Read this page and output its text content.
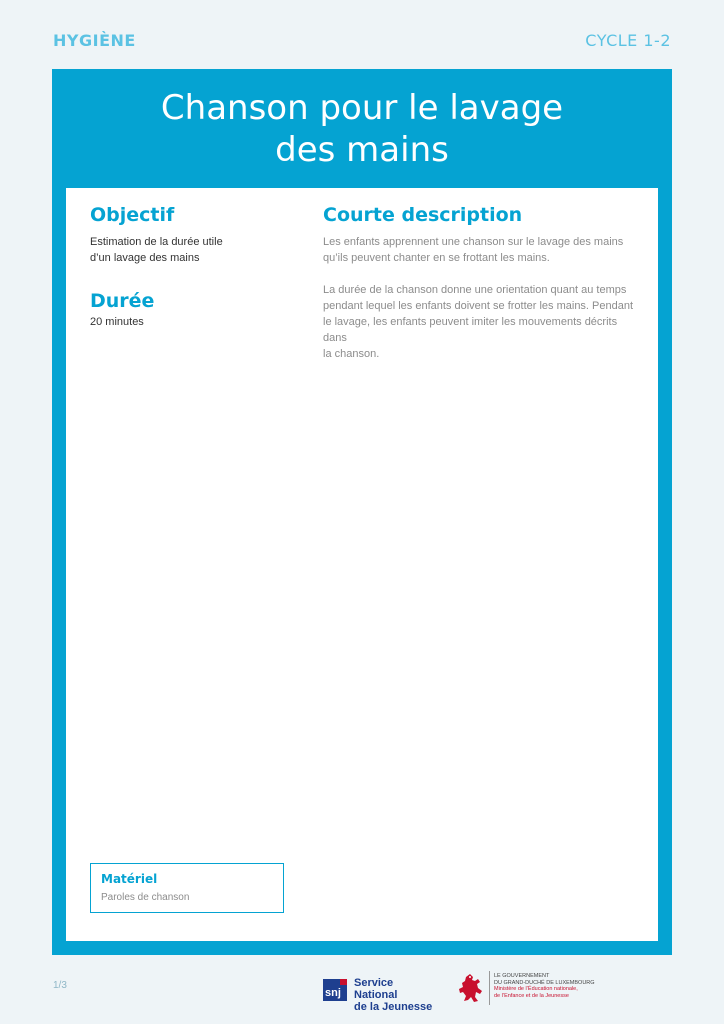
HYGIÈNE	CYCLE 1-2
Chanson pour le lavage
des mains
Objectif

Estimation de la durée utile
d’un lavage des mains

Durée

20 minutes

Courte description

Les enfants apprennent une chanson sur le lavage des mains
qu’ils peuvent chanter en se frottant les mains.

La durée de la chanson donne une orientation quant au temps
pendant lequel les enfants doivent se frotter les mains. Pendant
le lavage, les enfants peuvent imiter les mouvements décrits dans
la chanson.

Matériel
Paroles de chanson
1/3
snj
Service National
de la Jeunesse
LE GOUVERNEMENT
DU GRAND-DUCHÉ DE LUXEMBOURG
Ministère de l’Éducation nationale,
de l’Enfance et de la Jeunesse
